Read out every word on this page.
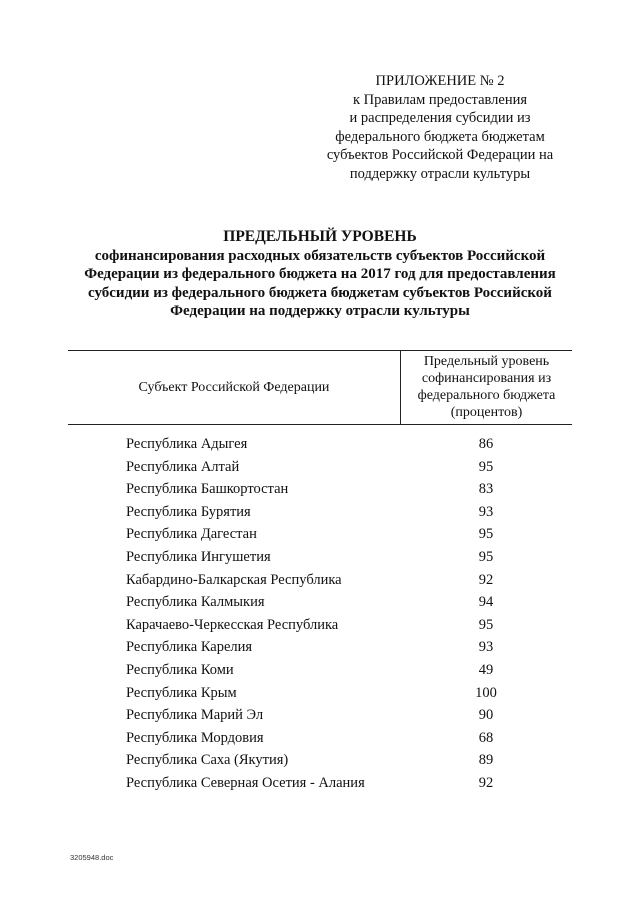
ПРИЛОЖЕНИЕ № 2
к Правилам предоставления
и распределения субсидии из
федерального бюджета бюджетам
субъектов Российской Федерации на
поддержку отрасли культуры
ПРЕДЕЛЬНЫЙ УРОВЕНЬ
софинансирования расходных обязательств субъектов Российской
Федерации из федерального бюджета на 2017 год для предоставления
субсидии из федерального бюджета бюджетам субъектов Российской
Федерации на поддержку отрасли культуры
Субъект Российской Федерации
Предельный уровень
софинансирования из
федерального бюджета
(процентов)
Республика Адыгея	86
Республика Алтай	95
Республика Башкортостан	83
Республика Бурятия	93
Республика Дагестан	95
Республика Ингушетия	95
Кабардино-Балкарская Республика	92
Республика Калмыкия	94
Карачаево-Черкесская Республика	95
Республика Карелия	93
Республика Коми	49
Республика Крым	100
Республика Марий Эл	90
Республика Мордовия	68
Республика Саха (Якутия)	89
Республика Северная Осетия - Алания	92
3205948.doc
